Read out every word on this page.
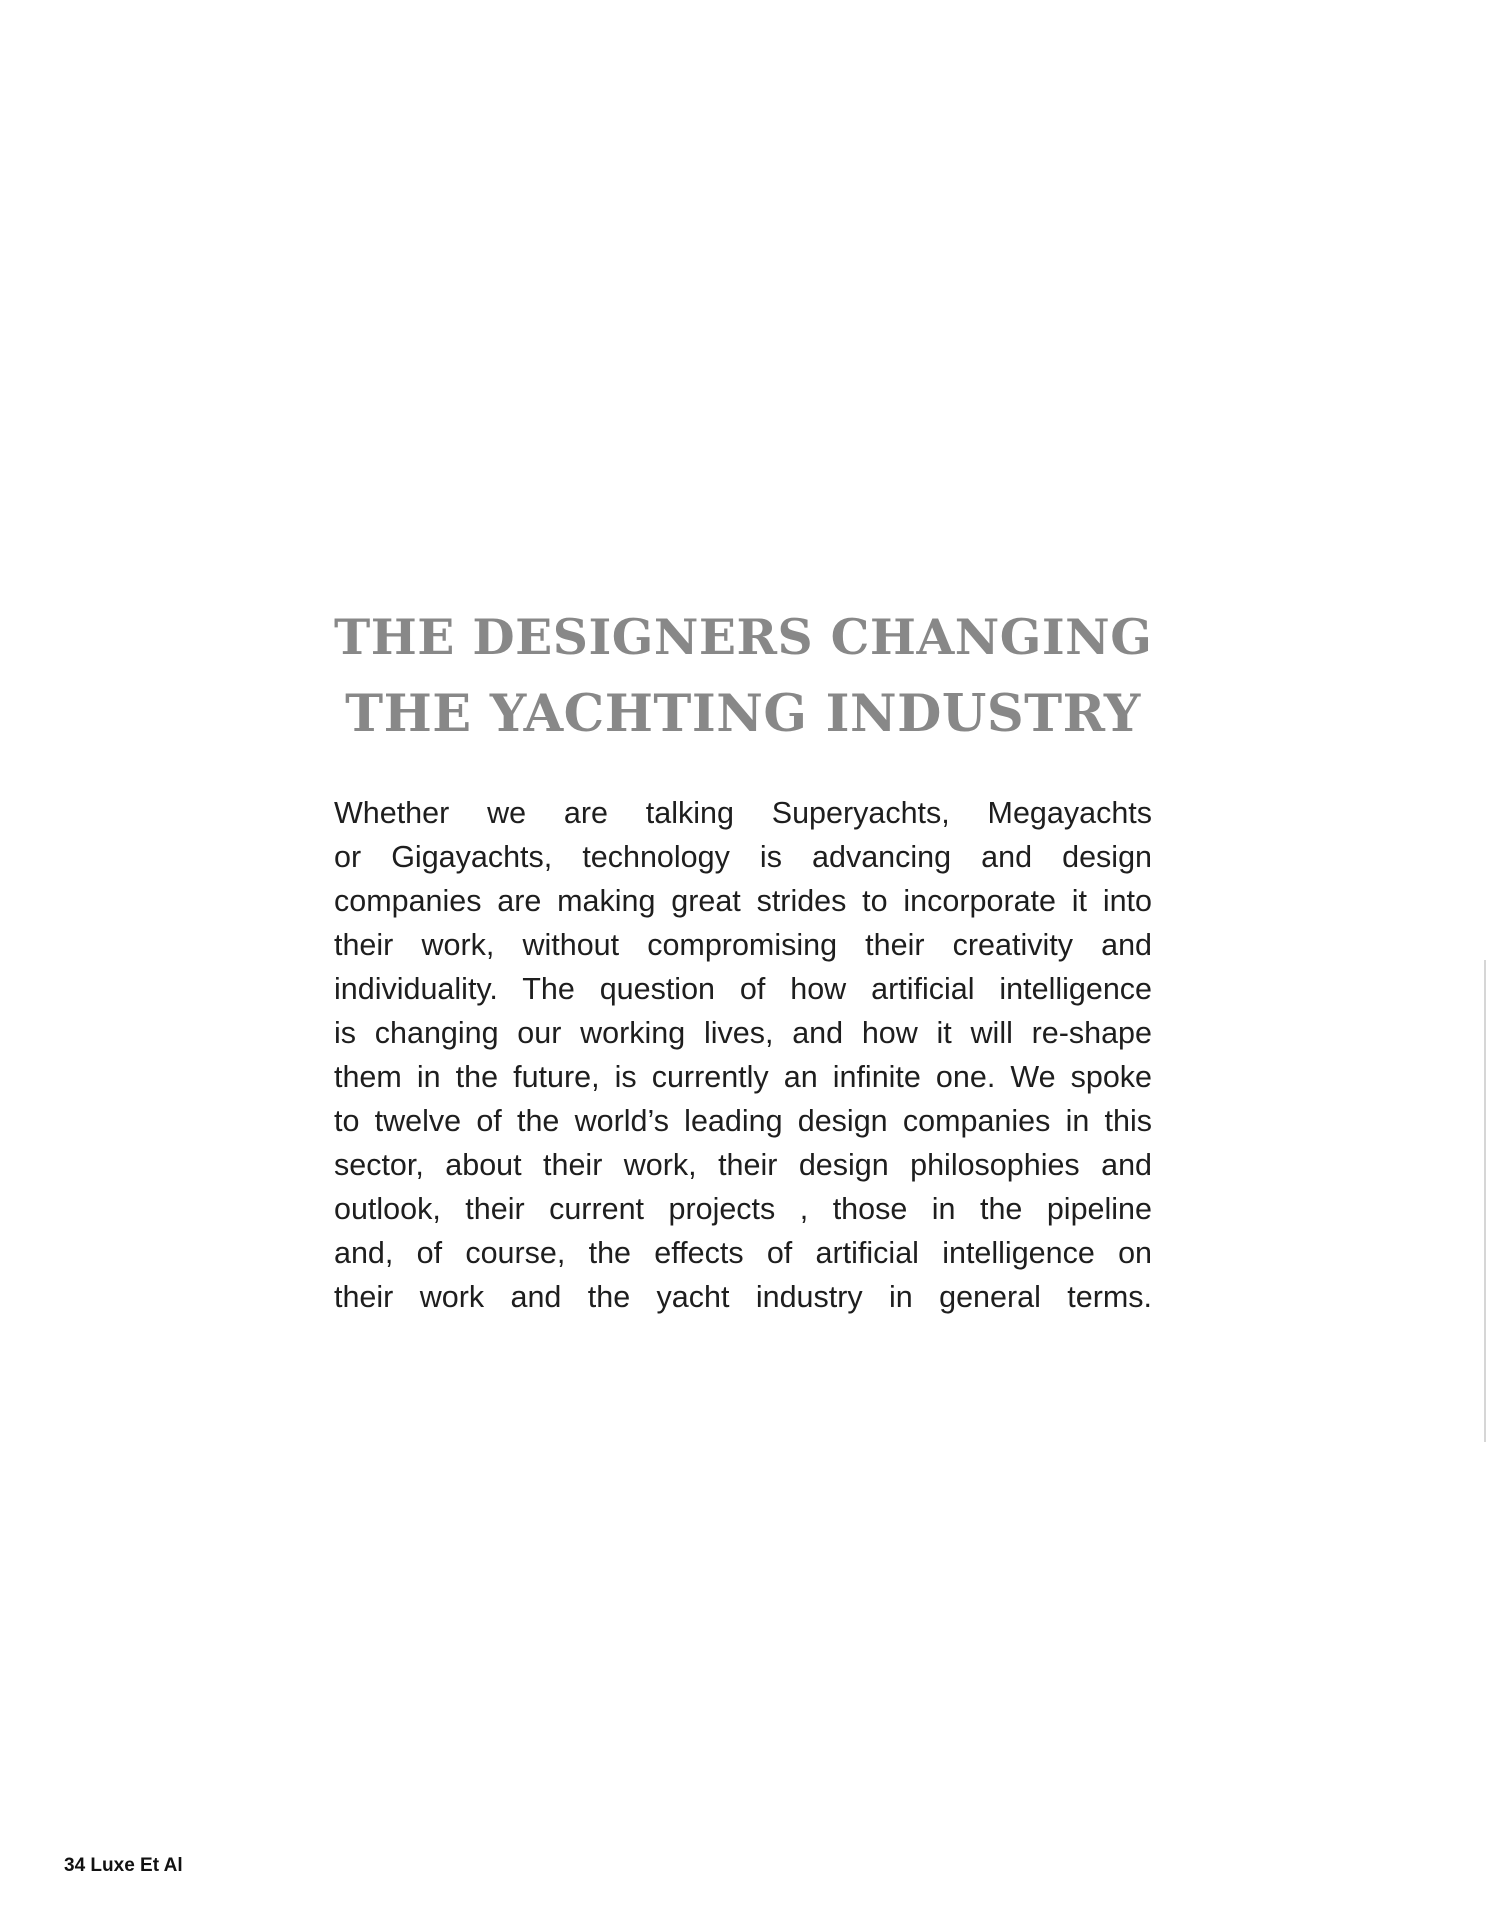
THE DESIGNERS CHANGING
THE YACHTING INDUSTRY
Whether we are talking Superyachts, Megayachts
or Gigayachts, technology is advancing and design
companies are making great strides to incorporate it into
their work, without compromising their creativity and
individuality. The question of how artificial intelligence
is changing our working lives, and how it will re-shape
them in the future, is currently an infinite one. We spoke
to twelve of the world’s leading design companies in this
sector, about their work, their design philosophies and
outlook, their current projects , those in the pipeline
and, of course, the effects of artificial intelligence on
their work and the yacht industry in general terms.
34 Luxe Et Al
